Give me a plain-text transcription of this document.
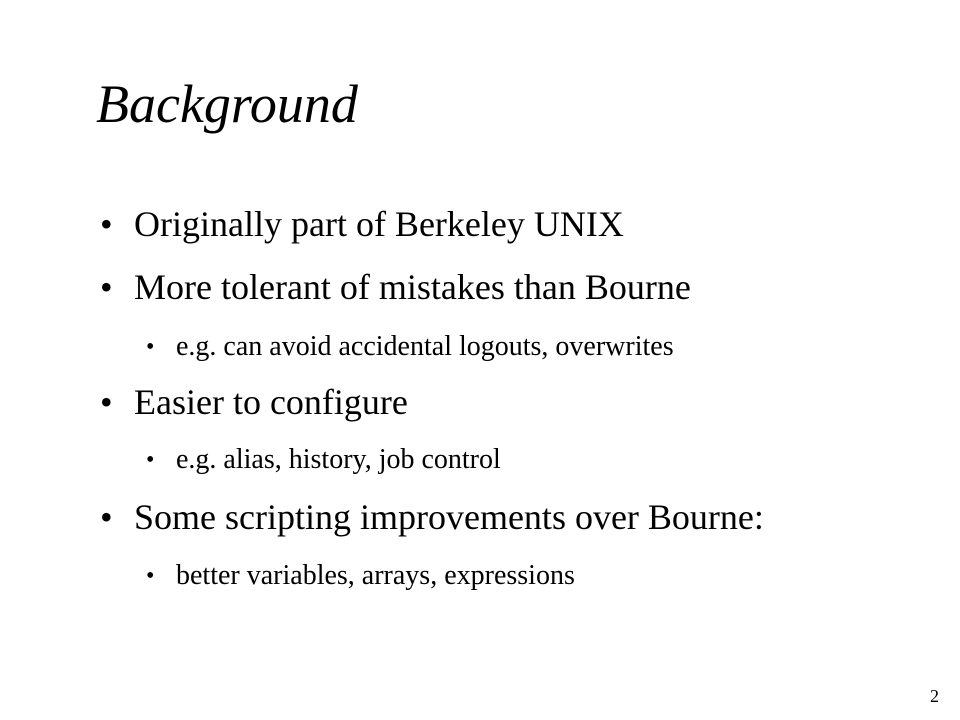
Background
• Originally part of Berkeley UNIX
• More tolerant of mistakes than Bourne
• e.g. can avoid accidental logouts, overwrites
• Easier to configure
• e.g. alias, history, job control
• Some scripting improvements over Bourne:
• better variables, arrays, expressions
2
